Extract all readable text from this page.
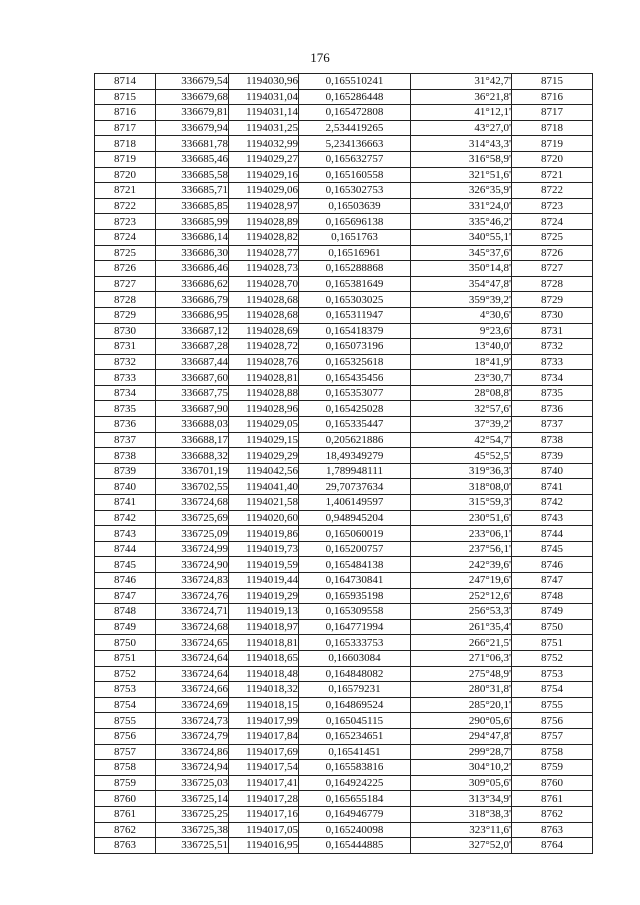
176
8714	336679,54	1194030,96	0,165510241	31°42,7'	8715
8715	336679,68	1194031,04	0,165286448	36°21,8'	8716
8716	336679,81	1194031,14	0,165472808	41°12,1'	8717
8717	336679,94	1194031,25	2,534419265	43°27,0'	8718
8718	336681,78	1194032,99	5,234136663	314°43,3'	8719
8719	336685,46	1194029,27	0,165632757	316°58,9'	8720
8720	336685,58	1194029,16	0,165160558	321°51,6'	8721
8721	336685,71	1194029,06	0,165302753	326°35,9'	8722
8722	336685,85	1194028,97	0,16503639	331°24,0'	8723
8723	336685,99	1194028,89	0,165696138	335°46,2'	8724
8724	336686,14	1194028,82	0,1651763	340°55,1'	8725
8725	336686,30	1194028,77	0,16516961	345°37,6'	8726
8726	336686,46	1194028,73	0,165288868	350°14,8'	8727
8727	336686,62	1194028,70	0,165381649	354°47,8'	8728
8728	336686,79	1194028,68	0,165303025	359°39,2'	8729
8729	336686,95	1194028,68	0,165311947	4°30,6'	8730
8730	336687,12	1194028,69	0,165418379	9°23,6'	8731
8731	336687,28	1194028,72	0,165073196	13°40,0'	8732
8732	336687,44	1194028,76	0,165325618	18°41,9'	8733
8733	336687,60	1194028,81	0,165435456	23°30,7'	8734
8734	336687,75	1194028,88	0,165353077	28°08,8'	8735
8735	336687,90	1194028,96	0,165425028	32°57,6'	8736
8736	336688,03	1194029,05	0,165335447	37°39,2'	8737
8737	336688,17	1194029,15	0,205621886	42°54,7'	8738
8738	336688,32	1194029,29	18,49349279	45°52,5'	8739
8739	336701,19	1194042,56	1,789948111	319°36,3'	8740
8740	336702,55	1194041,40	29,70737634	318°08,0'	8741
8741	336724,68	1194021,58	1,406149597	315°59,3'	8742
8742	336725,69	1194020,60	0,948945204	230°51,6'	8743
8743	336725,09	1194019,86	0,165060019	233°06,1'	8744
8744	336724,99	1194019,73	0,165200757	237°56,1'	8745
8745	336724,90	1194019,59	0,165484138	242°39,6'	8746
8746	336724,83	1194019,44	0,164730841	247°19,6'	8747
8747	336724,76	1194019,29	0,165935198	252°12,6'	8748
8748	336724,71	1194019,13	0,165309558	256°53,3'	8749
8749	336724,68	1194018,97	0,164771994	261°35,4'	8750
8750	336724,65	1194018,81	0,165333753	266°21,5'	8751
8751	336724,64	1194018,65	0,16603084	271°06,3'	8752
8752	336724,64	1194018,48	0,164848082	275°48,9'	8753
8753	336724,66	1194018,32	0,16579231	280°31,8'	8754
8754	336724,69	1194018,15	0,164869524	285°20,1'	8755
8755	336724,73	1194017,99	0,165045115	290°05,6'	8756
8756	336724,79	1194017,84	0,165234651	294°47,8'	8757
8757	336724,86	1194017,69	0,16541451	299°28,7'	8758
8758	336724,94	1194017,54	0,165583816	304°10,2'	8759
8759	336725,03	1194017,41	0,164924225	309°05,6'	8760
8760	336725,14	1194017,28	0,165655184	313°34,9'	8761
8761	336725,25	1194017,16	0,164946779	318°38,3'	8762
8762	336725,38	1194017,05	0,165240098	323°11,6'	8763
8763	336725,51	1194016,95	0,165444885	327°52,0'	8764
